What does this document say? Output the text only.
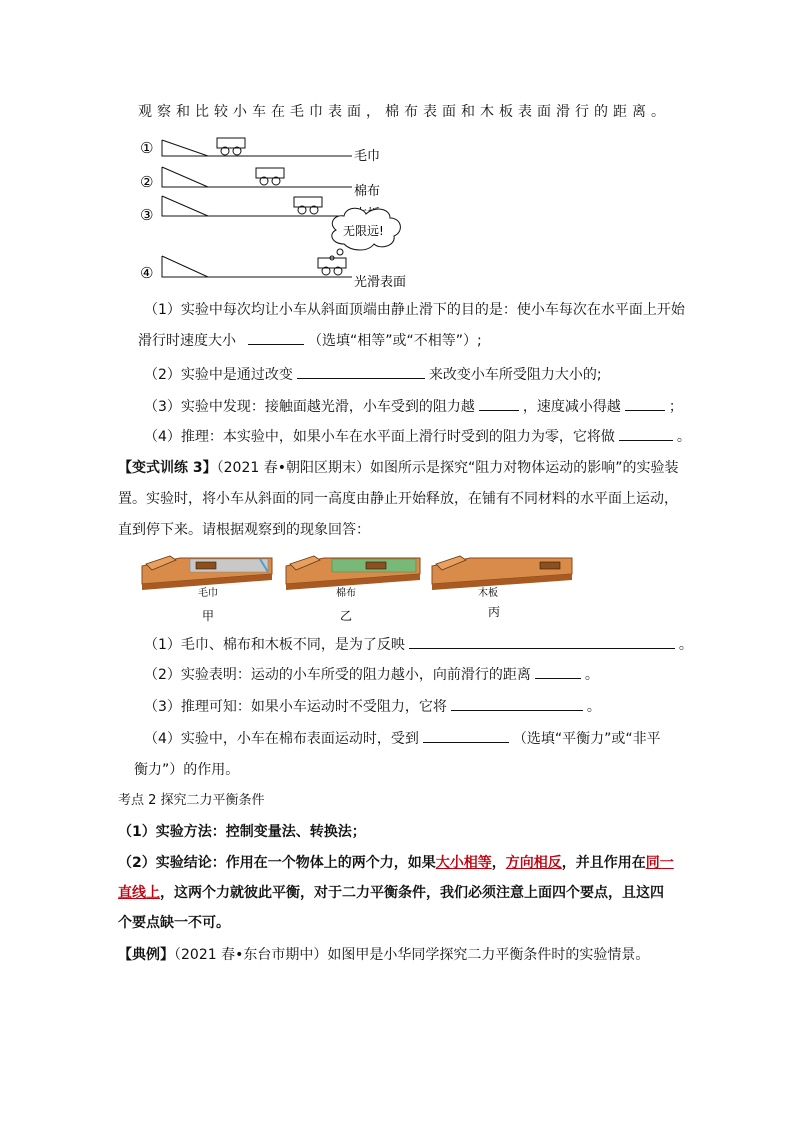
观察和比较小车在毛巾表面，棉布表面和木板表面滑行的距离。
①	毛巾
②
棉布
③
无限远!
④
光滑表面
（1）实验中每次均让小车从斜面顶端由静止滑下的目的是：使小车每次在水平面上开始
滑行时速度大小	（选填“相等”或“不相等”）;
（2）实验中是通过改变	来改变小车所受阻力大小的;
（3）实验中发现：接触面越光滑，小车受到的阻力越	，速度减小得越	；
（4）推理：本实验中，如果小车在水平面上滑行时受到的阻力为零，它将做	。
【变式训练 3】（2021 春•朝阳区期末）如图所示是探究“阻力对物体运动的影响”的实验装
置。实验时，将小车从斜面的同一高度由静止开始释放，在铺有不同材料的水平面上运动，
直到停下来。请根据观察到的现象回答：
毛巾
甲
棉布
乙
木板
丙
（1）毛巾、棉布和木板不同，是为了反映	。
（2）实验表明：运动的小车所受的阻力越小，向前滑行的距离	。
（3）推理可知：如果小车运动时不受阻力，它将	。
（4）实验中，小车在棉布表面运动时，受到	（选填“平衡力”或“非平
衡力”）的作用。
考点 2 探究二力平衡条件
（1）实验方法：控制变量法、转换法；
（2）实验结论：作用在一个物体上的两个力，如果大小相等，方向相反，并且作用在同一
直线上，这两个力就彼此平衡，对于二力平衡条件，我们必须注意上面四个要点，且这四
个要点缺一不可。
【典例】（2021 春•东台市期中）如图甲是小华同学探究二力平衡条件时的实验情景。
